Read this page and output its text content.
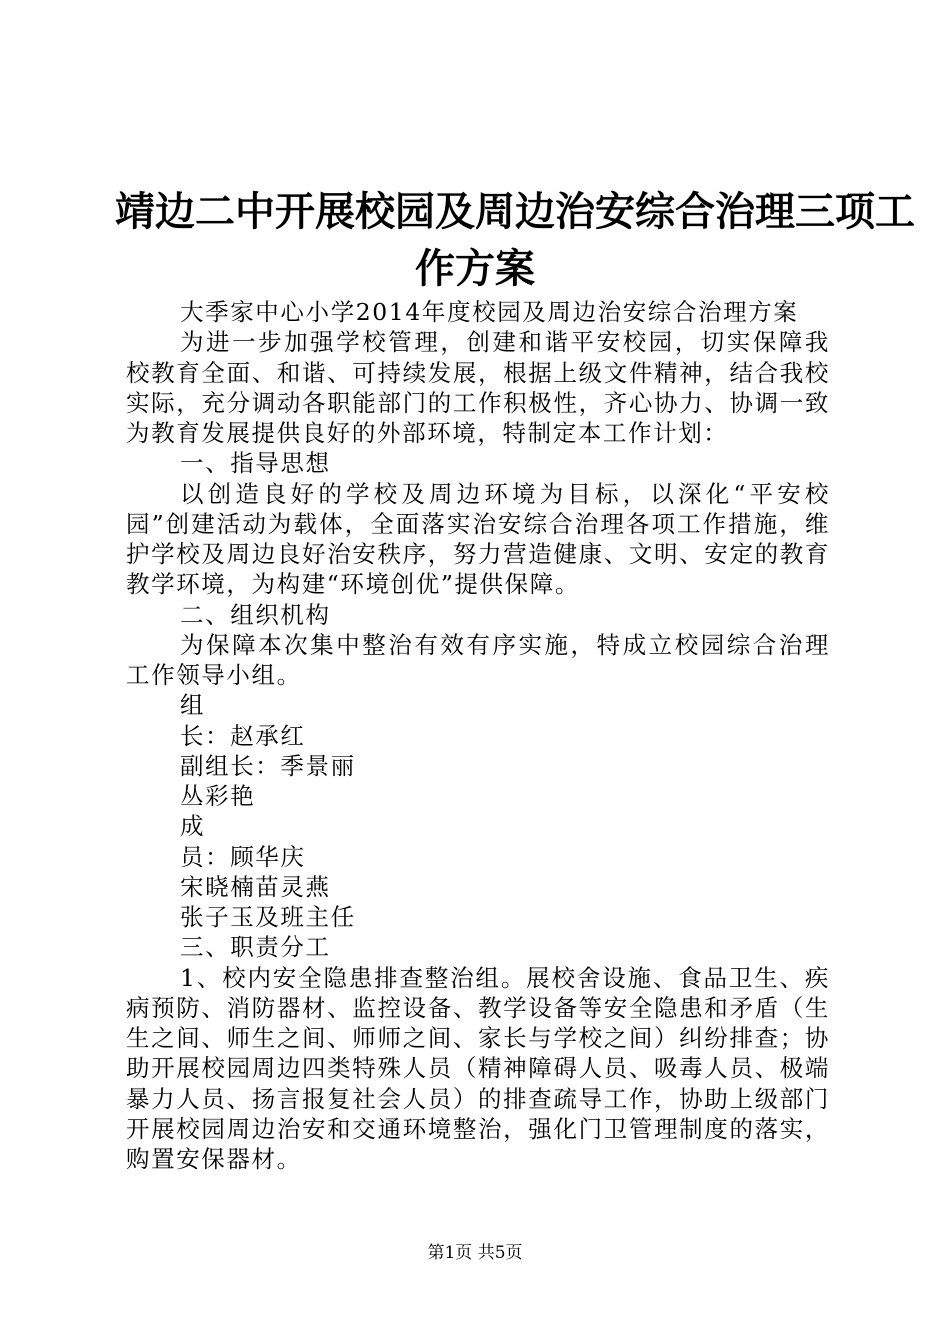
靖边二中开展校园及周边治安综合治理三项工
作方案

大季家中心小学2014年度校园及周边治安综合治理方案

为进一步加强学校管理，创建和谐平安校园，切实保障我校教育全面、和谐、可持续发展，根据上级文件精神，结合我校实际，充分调动各职能部门的工作积极性，齐心协力、协调一致为教育发展提供良好的外部环境，特制定本工作计划：

一、指导思想

以创造良好的学校及周边环境为目标，以深化“平安校园”创建活动为载体，全面落实治安综合治理各项工作措施，维护学校及周边良好治安秩序，努力营造健康、文明、安定的教育教学环境，为构建“环境创优”提供保障。

二、组织机构

为保障本次集中整治有效有序实施，特成立校园综合治理工作领导小组。

组

长：赵承红

副组长：季景丽

丛彩艳

成

员：顾华庆

宋晓楠苗灵燕

张子玉及班主任

三、职责分工

1、校内安全隐患排查整治组。展校舍设施、食品卫生、疾病预防、消防器材、监控设备、教学设备等安全隐患和矛盾（生生之间、师生之间、师师之间、家长与学校之间）纠纷排查；协助开展校园周边四类特殊人员（精神障碍人员、吸毒人员、极端暴力人员、扬言报复社会人员）的排查疏导工作，协助上级部门开展校园周边治安和交通环境整治，强化门卫管理制度的落实，购置安保器材。

第1页 共5页
